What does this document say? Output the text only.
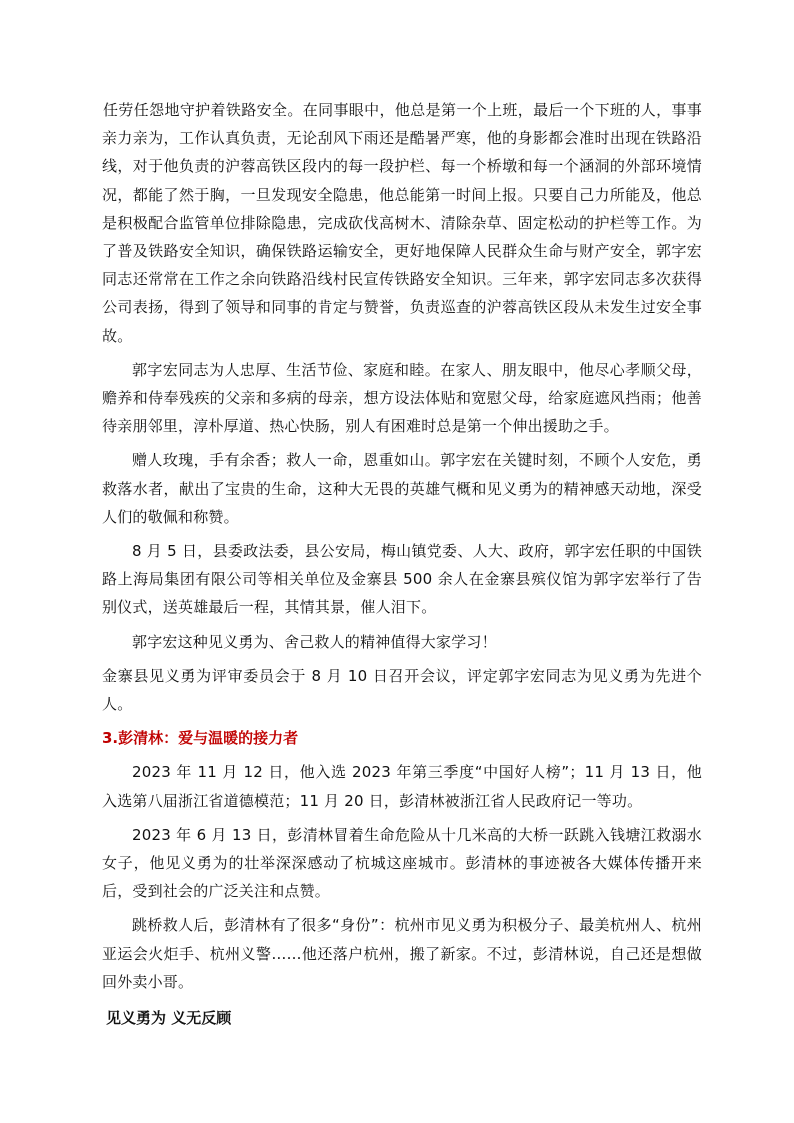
任劳任怨地守护着铁路安全。在同事眼中，他总是第一个上班，最后一个下班的人，事事亲力亲为，工作认真负责，无论刮风下雨还是酷暑严寒，他的身影都会准时出现在铁路沿线，对于他负责的沪蓉高铁区段内的每一段护栏、每一个桥墩和每一个涵洞的外部环境情况，都能了然于胸，一旦发现安全隐患，他总能第一时间上报。只要自己力所能及，他总是积极配合监管单位排除隐患，完成砍伐高树木、清除杂草、固定松动的护栏等工作。为了普及铁路安全知识，确保铁路运输安全，更好地保障人民群众生命与财产安全，郭字宏同志还常常在工作之余向铁路沿线村民宣传铁路安全知识。三年来，郭字宏同志多次获得公司表扬，得到了领导和同事的肯定与赞誉，负责巡查的沪蓉高铁区段从未发生过安全事故。

郭字宏同志为人忠厚、生活节俭、家庭和睦。在家人、朋友眼中，他尽心孝顺父母，赡养和侍奉残疾的父亲和多病的母亲，想方设法体贴和宽慰父母，给家庭遮风挡雨；他善待亲朋邻里，淳朴厚道、热心快肠，别人有困难时总是第一个伸出援助之手。

赠人玫瑰，手有余香；救人一命，恩重如山。郭字宏在关键时刻，不顾个人安危，勇救落水者，献出了宝贵的生命，这种大无畏的英雄气概和见义勇为的精神感天动地，深受人们的敬佩和称赞。

8 月 5 日，县委政法委，县公安局，梅山镇党委、人大、政府，郭字宏任职的中国铁路上海局集团有限公司等相关单位及金寨县 500 余人在金寨县殡仪馆为郭字宏举行了告别仪式，送英雄最后一程，其情其景，催人泪下。

郭字宏这种见义勇为、舍己救人的精神值得大家学习！

金寨县见义勇为评审委员会于 8 月 10 日召开会议，评定郭字宏同志为见义勇为先进个人。

3.彭清林：爱与温暖的接力者

2023 年 11 月 12 日，他入选 2023 年第三季度“中国好人榜”；11 月 13 日，他入选第八届浙江省道德模范；11 月 20 日，彭清林被浙江省人民政府记一等功。

2023 年 6 月 13 日，彭清林冒着生命危险从十几米高的大桥一跃跳入钱塘江救溺水女子，他见义勇为的壮举深深感动了杭城这座城市。彭清林的事迹被各大媒体传播开来后，受到社会的广泛关注和点赞。

跳桥救人后，彭清林有了很多“身份”：杭州市见义勇为积极分子、最美杭州人、杭州亚运会火炬手、杭州义警……他还落户杭州，搬了新家。不过，彭清林说，自己还是想做回外卖小哥。

见义勇为 义无反顾
